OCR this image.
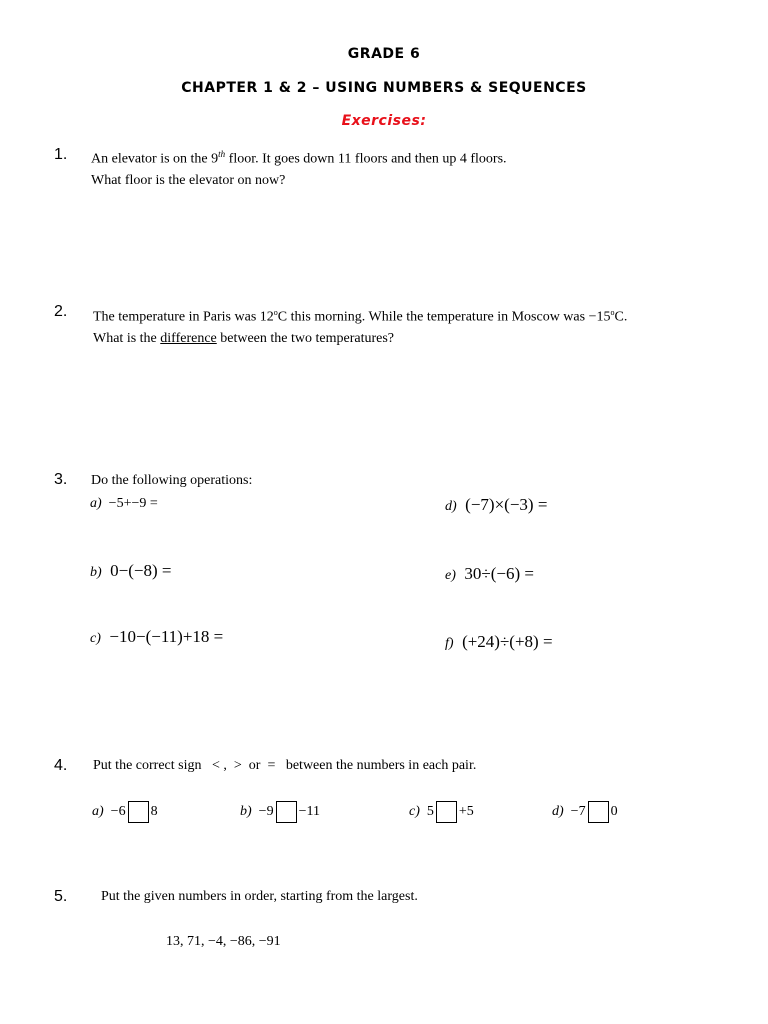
GRADE 6
CHAPTER 1 & 2 – USING NUMBERS & SEQUENCES
Exercises:
1. An elevator is on the 9th floor. It goes down 11 floors and then up 4 floors.
What floor is the elevator on now?
2. The temperature in Paris was 12$^o$C this morning. While the temperature in Moscow was $-15^oC$.
What is the difference between the two temperatures?
3. Do the following operations:
a) −5+−9 =	d) (−7)×(−3) =
b) 0−(−8) =	e) 30÷(−6) =
c) −10−(−11)+18 =	f) (+24)÷(+8) =
4. Put the correct sign < ,  >  or  = between the numbers in each pair.
a) −6 8	b) −9 −11	c) 5 +5	d) −7 0
5. Put the given numbers in order, starting from the largest.
13, 71, −4, −86, −91
